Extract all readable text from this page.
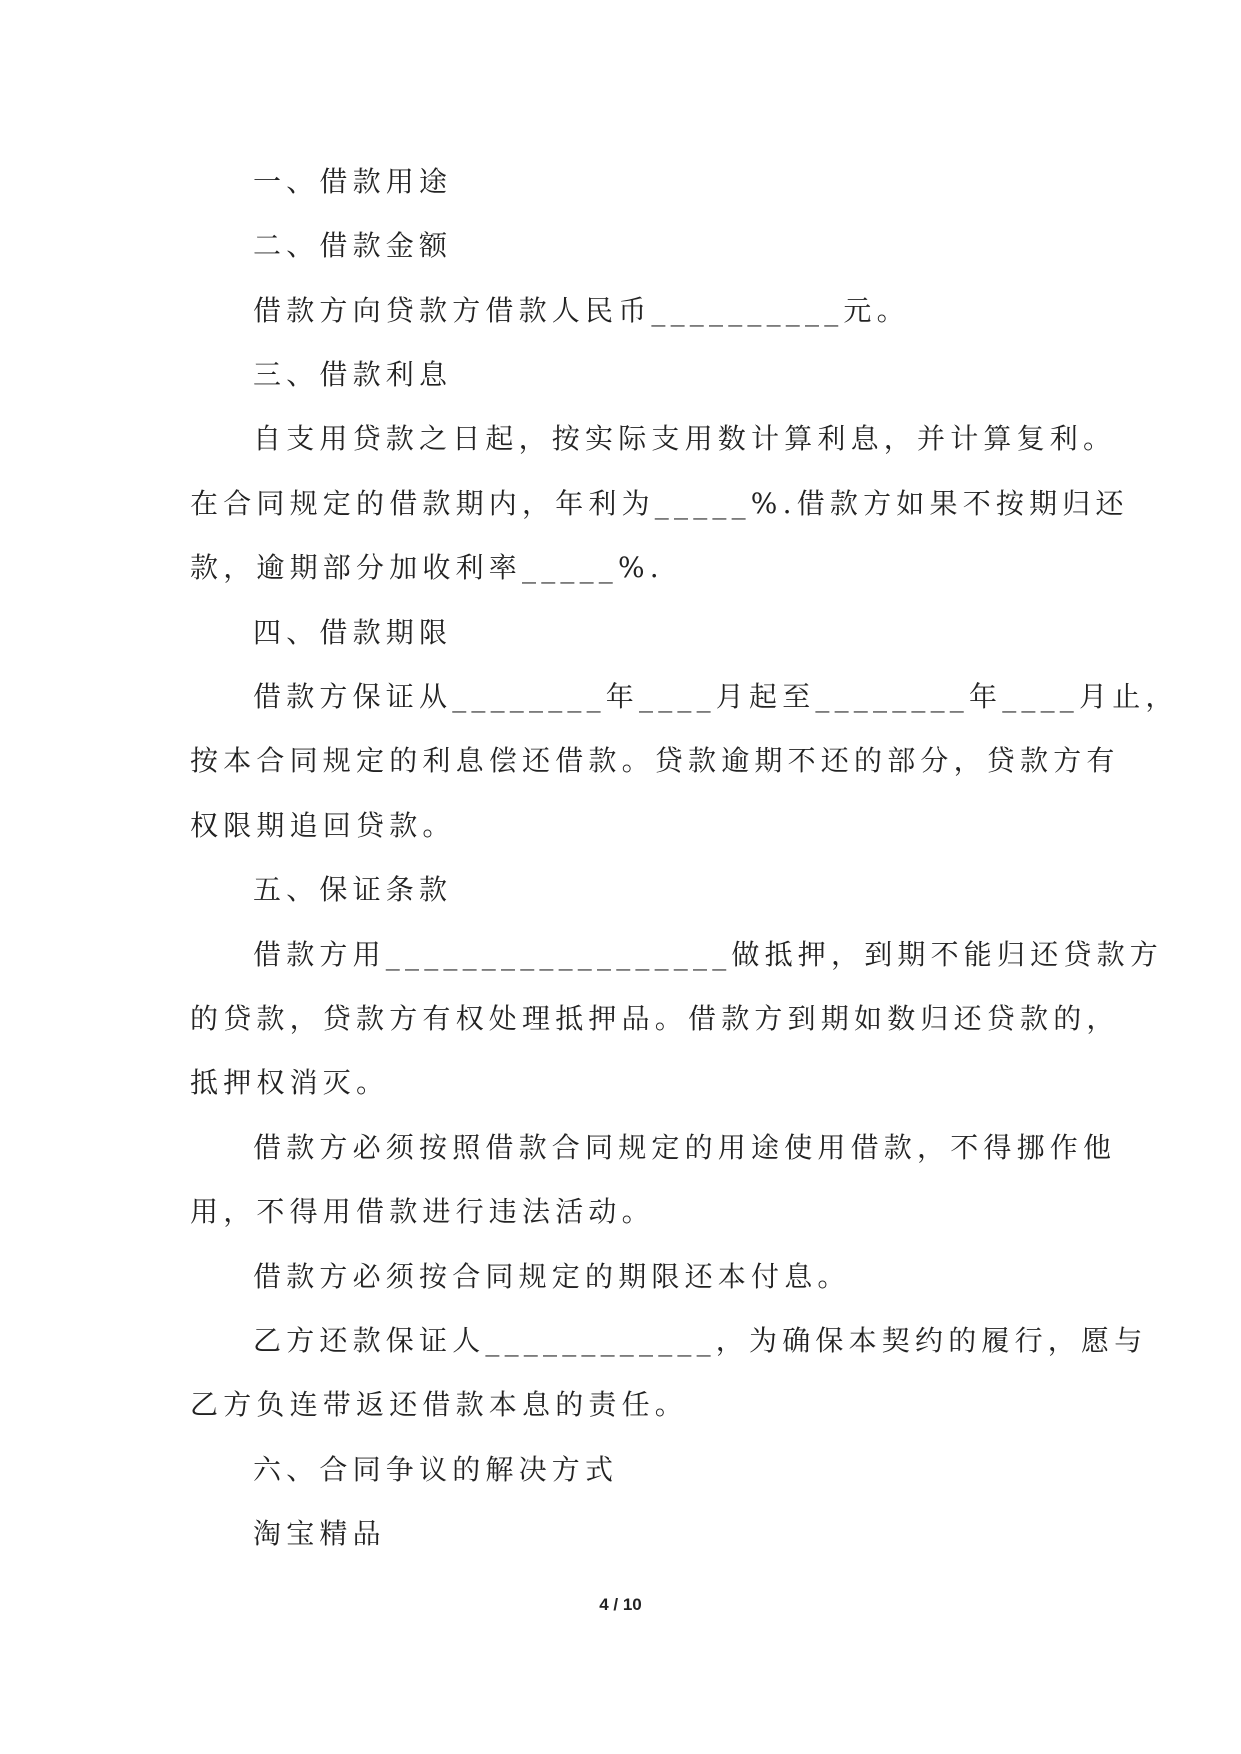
一、借款用途
二、借款金额
借款方向贷款方借款人民币__________元。
三、借款利息
自支用贷款之日起，按实际支用数计算利息，并计算复利。
在合同规定的借款期内，年利为_____%.借款方如果不按期归还
款，逾期部分加收利率_____%.
四、借款期限
借款方保证从________年____月起至________年____月止，
按本合同规定的利息偿还借款。贷款逾期不还的部分，贷款方有
权限期追回贷款。
五、保证条款
借款方用__________________做抵押，到期不能归还贷款方
的贷款，贷款方有权处理抵押品。借款方到期如数归还贷款的，
抵押权消灭。
借款方必须按照借款合同规定的用途使用借款，不得挪作他
用，不得用借款进行违法活动。
借款方必须按合同规定的期限还本付息。
乙方还款保证人____________，为确保本契约的履行，愿与
乙方负连带返还借款本息的责任。
六、合同争议的解决方式
淘宝精品
4 / 10
